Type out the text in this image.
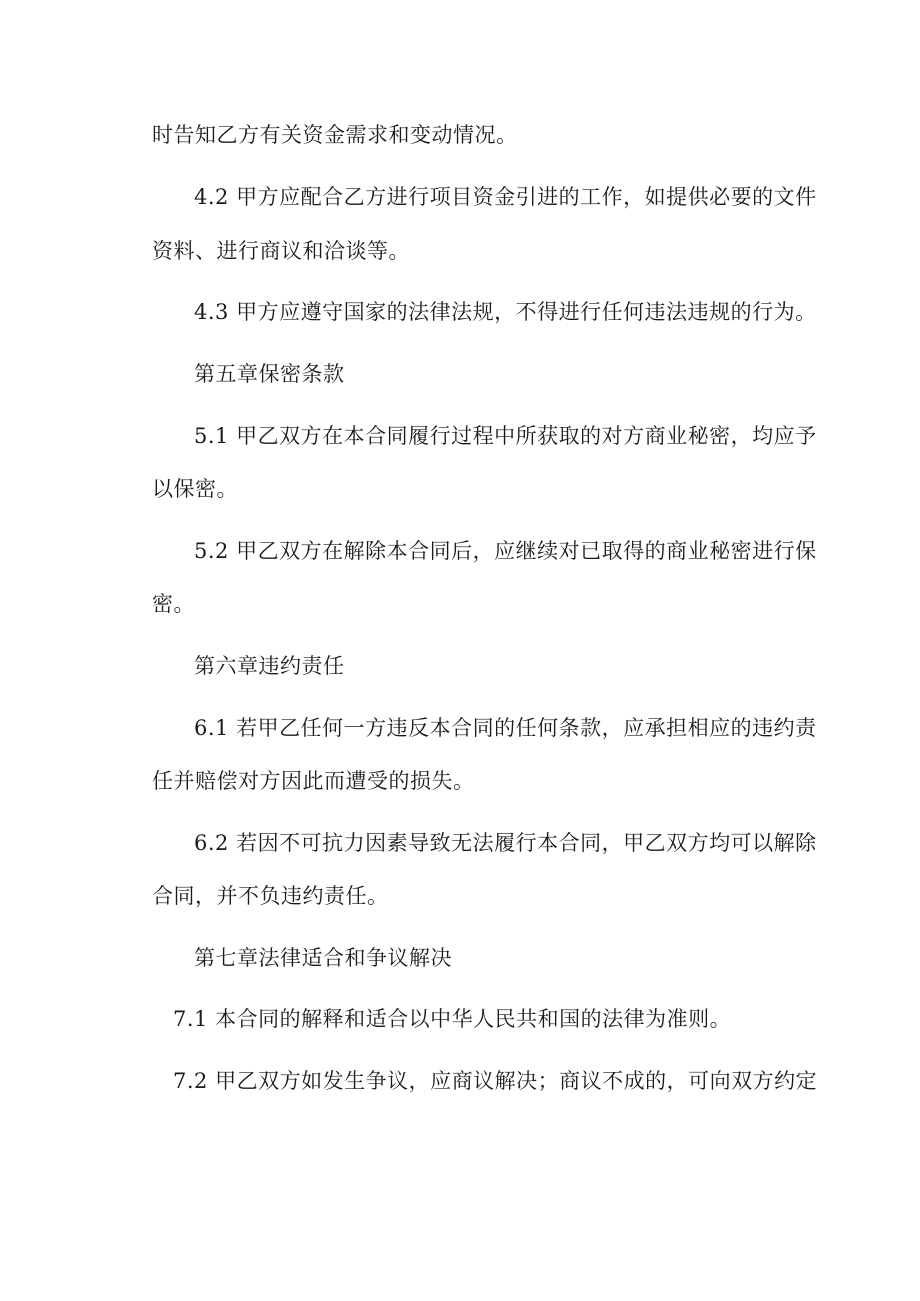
时告知乙方有关资金需求和变动情况。
4.2 甲方应配合乙方进行项目资金引进的工作，如提供必要的文件
资料、进行商议和洽谈等。
4.3 甲方应遵守国家的法律法规，不得进行任何违法违规的行为。
第五章保密条款
5.1 甲乙双方在本合同履行过程中所获取的对方商业秘密，均应予
以保密。
5.2 甲乙双方在解除本合同后，应继续对已取得的商业秘密进行保
密。
第六章违约责任
6.1 若甲乙任何一方违反本合同的任何条款，应承担相应的违约责
任并赔偿对方因此而遭受的损失。
6.2 若因不可抗力因素导致无法履行本合同，甲乙双方均可以解除
合同，并不负违约责任。
第七章法律适合和争议解决
7.1 本合同的解释和适合以中华人民共和国的法律为准则。
7.2 甲乙双方如发生争议，应商议解决；商议不成的，可向双方约定
